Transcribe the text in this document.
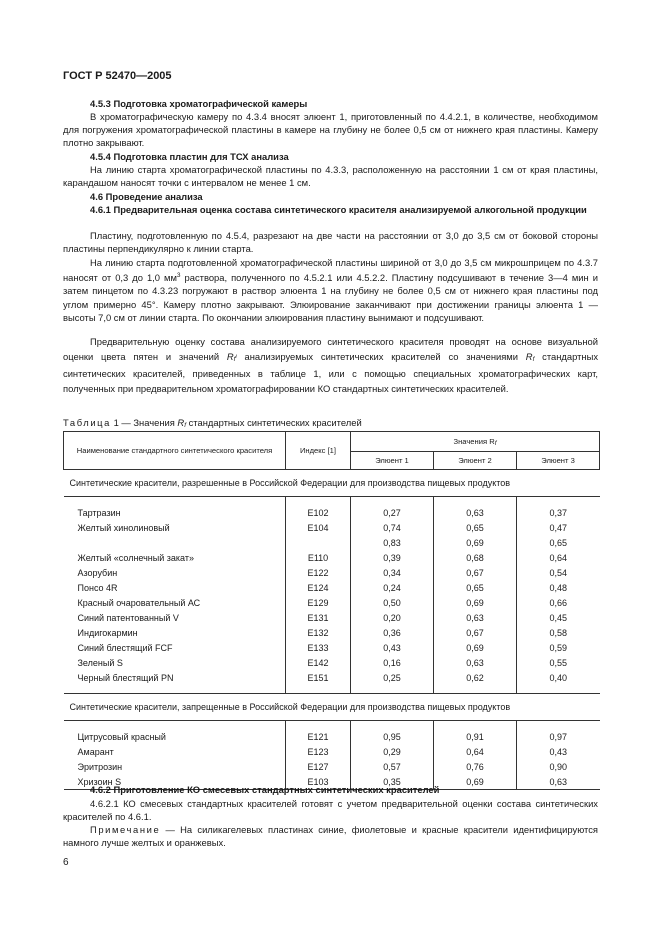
ГОСТ Р 52470—2005

4.5.3 Подготовка хроматографической камеры

В хроматографическую камеру по 4.3.4 вносят элюент 1, приготовленный по 4.4.2.1, в количестве, необходимом для погружения хроматографической пластины в камере на глубину не более 0,5 см от нижнего края пластины. Камеру плотно закрывают.

4.5.4 Подготовка пластин для ТСХ анализа

На линию старта хроматографической пластины по 4.3.3, расположенную на расстоянии 1 см от края пластины, карандашом наносят точки с интервалом не менее 1 см.

4.6 Проведение анализа

4.6.1 Предварительная оценка состава синтетического красителя анализируемой алкогольной продукции

Пластину, подготовленную по 4.5.4, разрезают на две части на расстоянии от 3,0 до 3,5 см от боковой стороны пластины перпендикулярно к линии старта.

На линию старта подготовленной хроматографической пластины шириной от 3,0 до 3,5 см микрошприцем по 4.3.7 наносят от 0,3 до 1,0 $мм^3$ раствора, полученного по 4.5.2.1 или 4.5.2.2. Пластину подсушивают в течение 3—4 мин и затем пинцетом по 4.3.23 погружают в раствор элюента 1 на глубину не более 0,5 см от нижнего края пластины под углом примерно 45°. Камеру плотно закрывают. Элюирование заканчивают при достижении границы элюента 1 — высоты 7,0 см от линии старта. По окончании элюирования пластину вынимают и подсушивают.

Предварительную оценку состава анализируемого синтетического красителя проводят на основе визуальной оценки цвета пятен и значений Rf$^i$ анализируемых синтетических красителей со значениями Rf стандартных синтетических красителей, приведенных в таблице 1, или с помощью специальных хроматографических карт, полученных при предварительном хроматографировании КО стандартных синтетических красителей.

Таблица 1 — Значения Rf стандартных синтетических красителей
Наименование стандартного синтетического красителя	Индекс [1]	Значения Rf		
		Элюент 1	Элюент 2	Элюент 3
Синтетические красители, разрешенные в Российской Федерации для производства пищевых продуктов				

Тартразин	E102	0,27	0,63	0,37
Желтый хинолиновый	E104	0,74	0,65	0,47
		0,83	0,69	0,65
Желтый «солнечный закат»	E110	0,39	0,68	0,64
Азорубин	E122	0,34	0,67	0,54
Понсо 4R	E124	0,24	0,65	0,48
Красный очаровательный АС	E129	0,50	0,69	0,66
Синий патентованный V	E131	0,20	0,63	0,45
Индигокармин	E132	0,36	0,67	0,58
Синий блестящий FCF	E133	0,43	0,69	0,59
Зеленый S	E142	0,16	0,63	0,55
Черный блестящий PN	E151	0,25	0,62	0,40

Синтетические красители, запрещенные в Российской Федерации для производства пищевых продуктов				

Цитрусовый красный	E121	0,95	0,91	0,97
Амарант	E123	0,29	0,64	0,43
Эритрозин	E127	0,57	0,76	0,90
Хризоин S	E103	0,35	0,69	0,63

4.6.2 Приготовление КО смесевых стандартных синтетических красителей

4.6.2.1 КО смесевых стандартных красителей готовят с учетом предварительной оценки состава синтетических красителей по 4.6.1.

Примечание — На силикагелевых пластинах синие, фиолетовые и красные красители идентифицируются намного лучше желтых и оранжевых.

6
